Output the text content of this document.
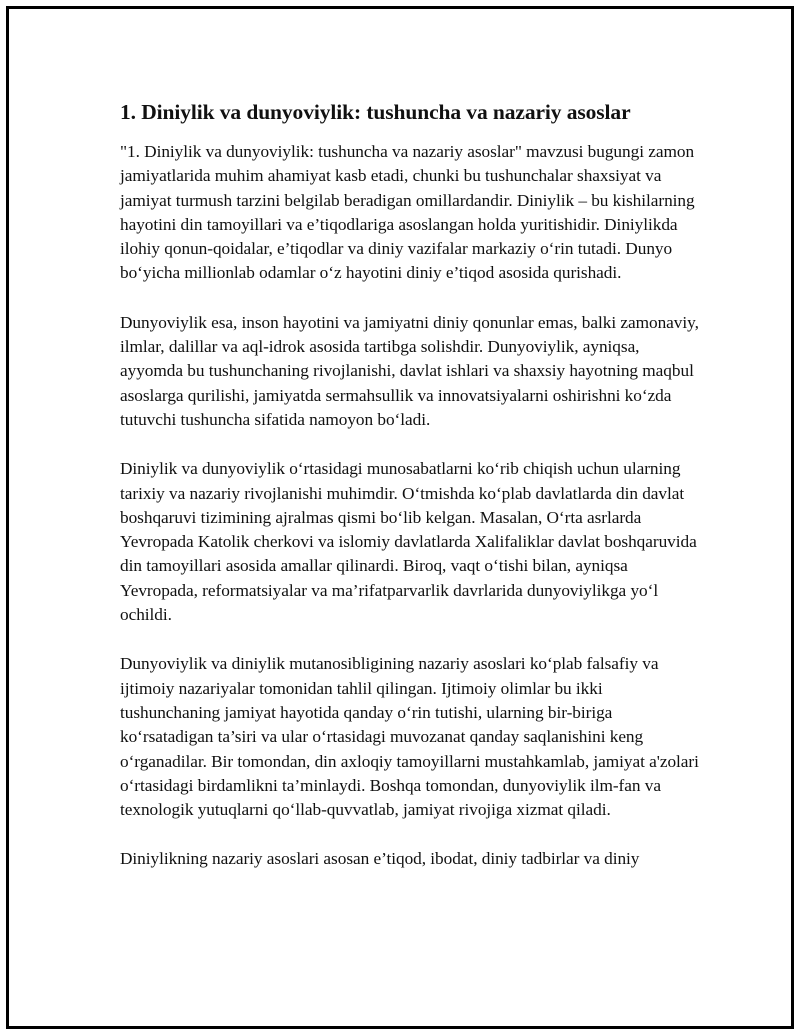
1. Diniylik va dunyoviylik: tushuncha va nazariy asoslar

"1. Diniylik va dunyoviylik: tushuncha va nazariy asoslar" mavzusi bugungi zamon jamiyatlarida muhim ahamiyat kasb etadi, chunki bu tushunchalar shaxsiyat va jamiyat turmush tarzini belgilab beradigan omillardandir. Diniylik – bu kishilarning hayotini din tamoyillari va e’tiqodlariga asoslangan holda yuritishidir. Diniylikda ilohiy qonun-qoidalar, e’tiqodlar va diniy vazifalar markaziy o‘rin tutadi. Dunyo bo‘yicha millionlab odamlar o‘z hayotini diniy e’tiqod asosida qurishadi.

Dunyoviylik esa, inson hayotini va jamiyatni diniy qonunlar emas, balki zamonaviy, ilmlar, dalillar va aql-idrok asosida tartibga solishdir. Dunyoviylik, ayniqsa, ayyomda bu tushunchaning rivojlanishi, davlat ishlari va shaxsiy hayotning maqbul asoslarga qurilishi, jamiyatda sermahsullik va innovatsiyalarni oshirishni ko‘zda tutuvchi tushuncha sifatida namoyon bo‘ladi.

Diniylik va dunyoviylik o‘rtasidagi munosabatlarni ko‘rib chiqish uchun ularning tarixiy va nazariy rivojlanishi muhimdir. O‘tmishda ko‘plab davlatlarda din davlat boshqaruvi tizimining ajralmas qismi bo‘lib kelgan. Masalan, O‘rta asrlarda Yevropada Katolik cherkovi va islomiy davlatlarda Xalifaliklar davlat boshqaruvida din tamoyillari asosida amallar qilinardi. Biroq, vaqt o‘tishi bilan, ayniqsa Yevropada, reformatsiyalar va ma’rifatparvarlik davrlarida dunyoviylikga yo‘l ochildi.

Dunyoviylik va diniylik mutanosibligining nazariy asoslari ko‘plab falsafiy va ijtimoiy nazariyalar tomonidan tahlil qilingan. Ijtimoiy olimlar bu ikki tushunchaning jamiyat hayotida qanday o‘rin tutishi, ularning bir-biriga ko‘rsatadigan ta’siri va ular o‘rtasidagi muvozanat qanday saqlanishini keng o‘rganadilar. Bir tomondan, din axloqiy tamoyillarni mustahkamlab, jamiyat a'zolari o‘rtasidagi birdamlikni ta’minlaydi. Boshqa tomondan, dunyoviylik ilm-fan va texnologik yutuqlarni qo‘llab-quvvatlab, jamiyat rivojiga xizmat qiladi.

Diniylikning nazariy asoslari asosan e’tiqod, ibodat, diniy tadbirlar va diniy
